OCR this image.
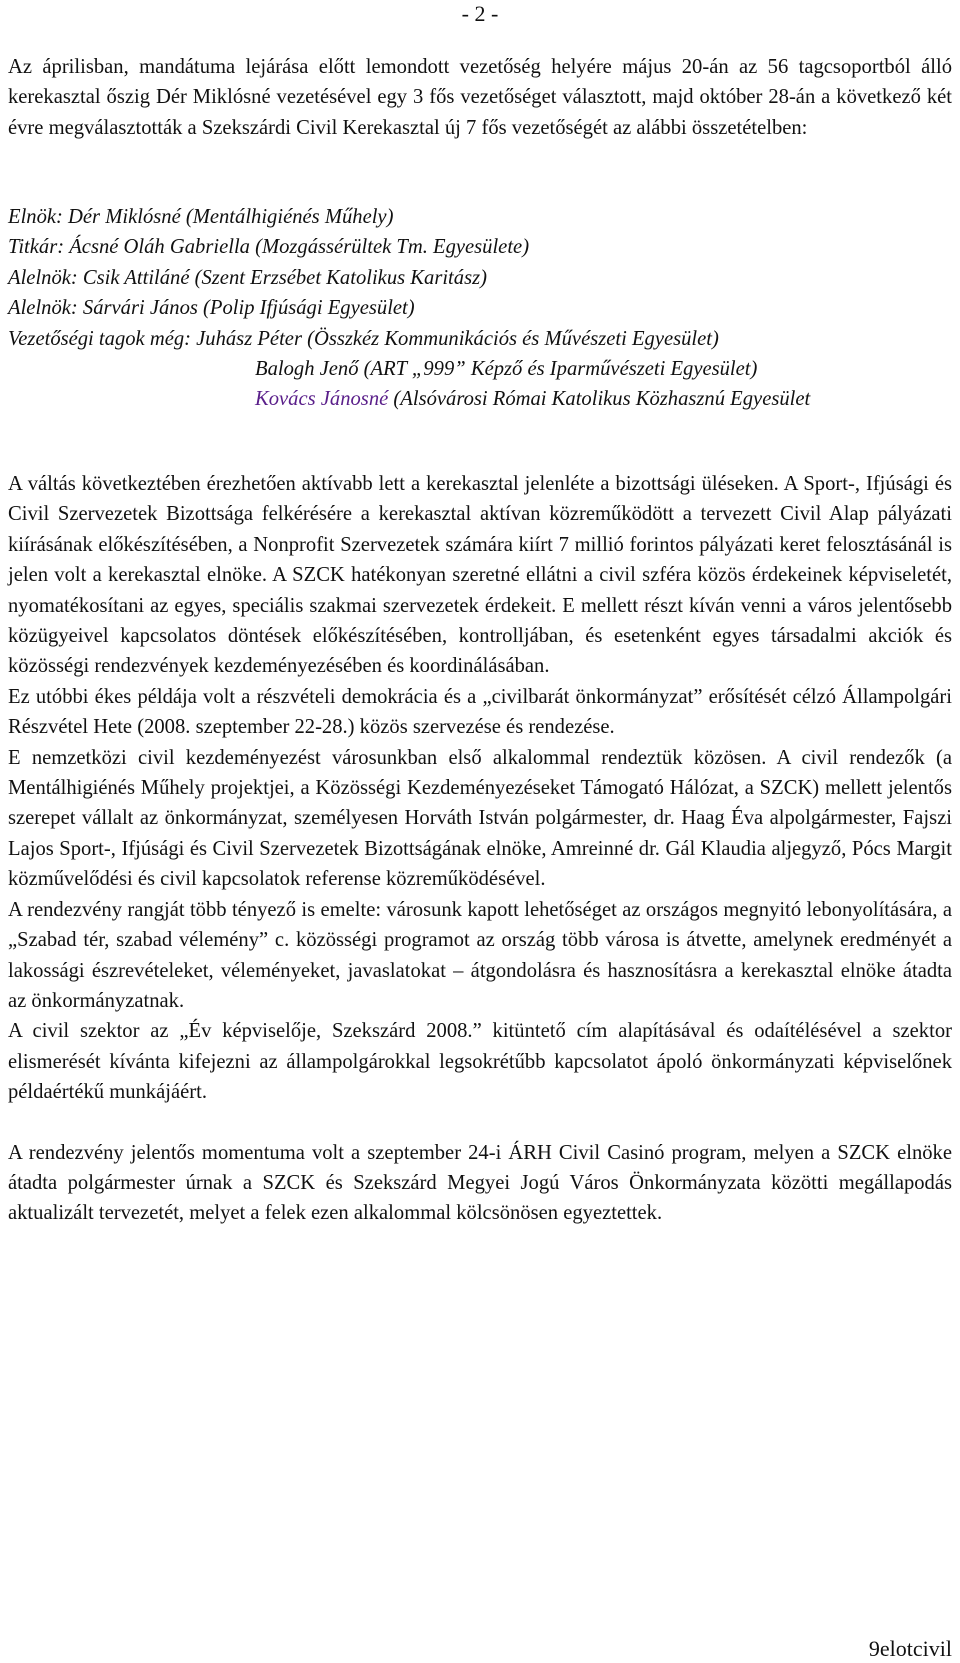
- 2 -

Az áprilisban, mandátuma lejárása előtt lemondott vezetőség helyére május 20-án az 56 tagcsoportból álló kerekasztal őszig Dér Miklósné vezetésével egy 3 fős vezetőséget választott, majd október 28-án a következő két évre megválasztották a Szekszárdi Civil Kerekasztal új 7 fős vezetőségét az alábbi összetételben:

Elnök: Dér Miklósné (Mentálhigiénés Műhely)
Titkár: Ácsné Oláh Gabriella (Mozgássérültek Tm. Egyesülete)
Alelnök: Csik Attiláné (Szent Erzsébet Katolikus Karitász)
Alelnök: Sárvári János (Polip Ifjúsági Egyesület)
Vezetőségi tagok még: Juhász Péter (Összkéz Kommunikációs és Művészeti Egyesület)
Balogh Jenő (ART „999” Képző és Iparművészeti Egyesület)
Kovács Jánosné (Alsóvárosi Római Katolikus Közhasznú Egyesület

A váltás következtében érezhetően aktívabb lett a kerekasztal jelenléte a bizottsági üléseken. A Sport-, Ifjúsági és Civil Szervezetek Bizottsága felkérésére a kerekasztal aktívan közreműködött a tervezett Civil Alap pályázati kiírásának előkészítésében, a Nonprofit Szervezetek számára kiírt 7 millió forintos pályázati keret felosztásánál is jelen volt a kerekasztal elnöke. A SZCK hatékonyan szeretné ellátni a civil szféra közös érdekeinek képviseletét, nyomatékosítani az egyes, speciális szakmai szervezetek érdekeit. E mellett részt kíván venni a város jelentősebb közügyeivel kapcsolatos döntések előkészítésében, kontrolljában, és esetenként egyes társadalmi akciók és közösségi rendezvények kezdeményezésében és koordinálásában.

Ez utóbbi ékes példája volt a részvételi demokrácia és a „civilbarát önkormányzat” erősítését célzó Állampolgári Részvétel Hete (2008. szeptember 22-28.) közös szervezése és rendezése.

E nemzetközi civil kezdeményezést városunkban első alkalommal rendeztük közösen. A civil rendezők (a Mentálhigiénés Műhely projektjei, a Közösségi Kezdeményezéseket Támogató Hálózat, a SZCK) mellett jelentős szerepet vállalt az önkormányzat, személyesen Horváth István polgármester, dr. Haag Éva alpolgármester, Fajszi Lajos Sport-, Ifjúsági és Civil Szervezetek Bizottságának elnöke, Amreinné dr. Gál Klaudia aljegyző, Pócs Margit közművelődési és civil kapcsolatok referense közreműködésével.

A rendezvény rangját több tényező is emelte: városunk kapott lehetőséget az országos megnyitó lebonyolítására, a „Szabad tér, szabad vélemény” c. közösségi programot az ország több városa is átvette, amelynek eredményét a lakossági észrevételeket, véleményeket, javaslatokat – átgondolásra és hasznosításra a kerekasztal elnöke átadta az önkormányzatnak.

A civil szektor az „Év képviselője, Szekszárd 2008.” kitüntető cím alapításával és odaítélésével a szektor elismerését kívánta kifejezni az állampolgárokkal legsokrétűbb kapcsolatot ápoló önkormányzati képviselőnek példaértékű munkájáért.

A rendezvény jelentős momentuma volt a szeptember 24-i ÁRH Civil Casinó program, melyen a SZCK elnöke átadta polgármester úrnak a SZCK és Szekszárd Megyei Jogú Város Önkormányzata közötti megállapodás aktualizált tervezetét, melyet a felek ezen alkalommal kölcsönösen egyeztettek.

9elotcivil
